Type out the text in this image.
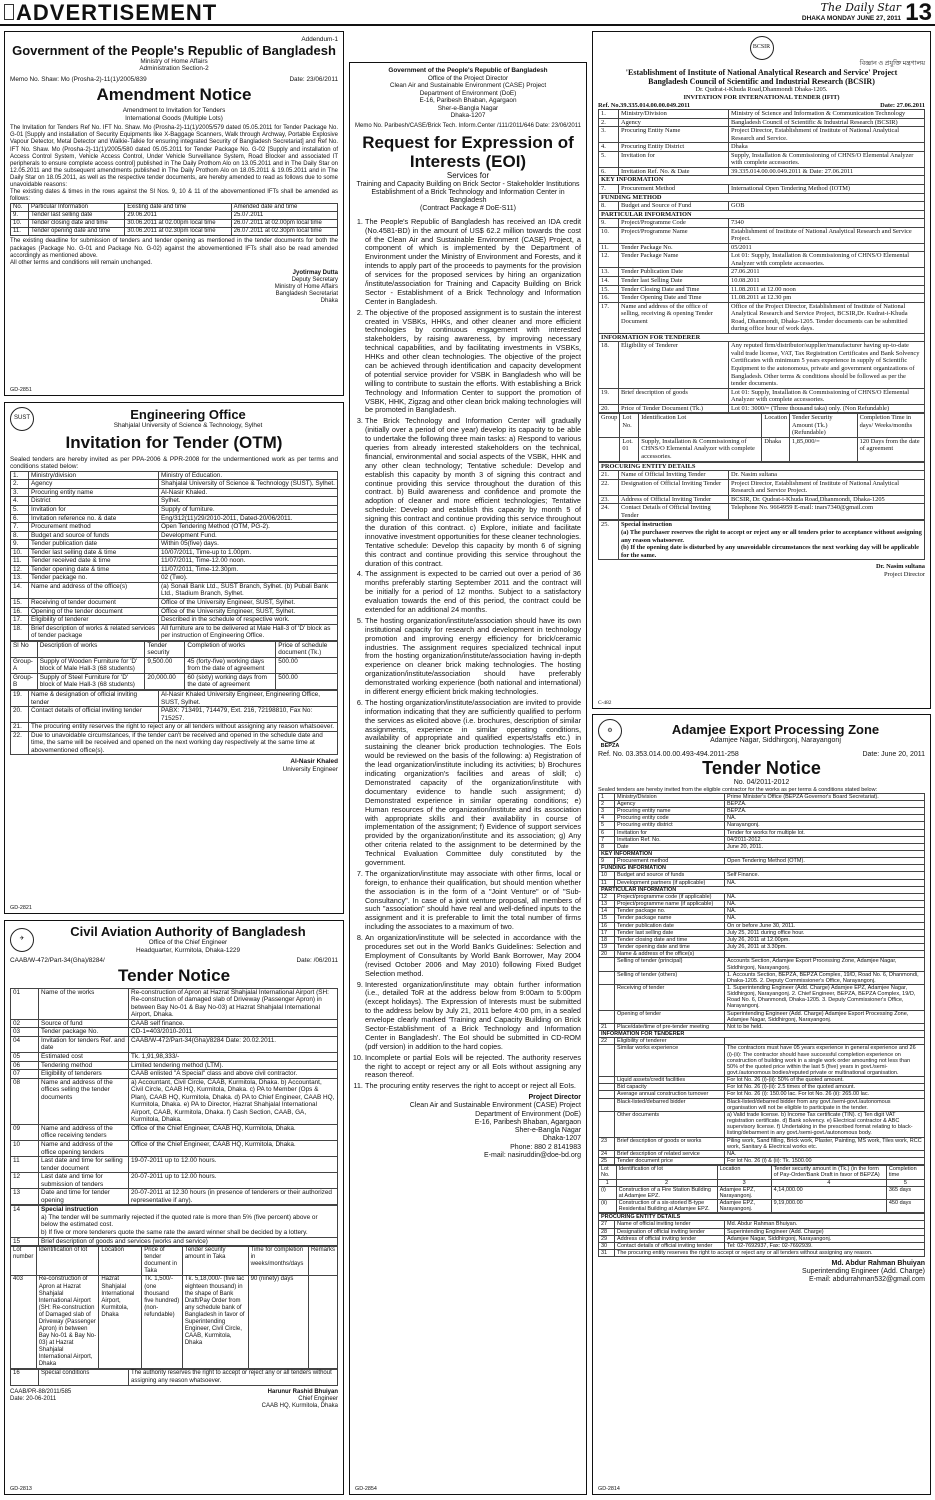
ADVERTISEMENT	The Daily Star
DHAKA MONDAY JUNE 27, 2011 13
Addendum-1
Government of the People's Republic of Bangladesh
Ministry of Home Affairs
Administration Section-2
Memo No. Shaw: Mo (Prosha-2)-11(1)/2005/839	Date: 23/06/2011
Amendment Notice
Amendment to Invitation for Tenders
International Goods (Multiple Lots)

The Invitation for Tenders Ref No. IFT No. Shaw. Mo (Prosha-2)-11(1)/2005/579 dated 05.05.2011 for Tender Package No. G-01 [Supply and installation of Security Equipments like X-Baggage Scanners, Walk through Archway, Portable Explosive Vapour Detector, Metal Detector and Walkie-Talkie for ensuring integrated Security of Bangladesh Secretariat] and Ref No. IFT No. Shaw. Mo (Prosha-2)-11(1)/2005/580 dated 05.05.2011 for Tender Package No. G-02 [Supply and installation of Access Control System, Vehicle Access Control, Under Vehicle Surveillance System, Road Blocker and associated IT peripherals to ensure complete access control] published in The Daily Prothom Alo on 13.05.2011 and in The Daily Star on 12.05.2011 and the subsequent amendments published in The Daily Prothom Alo on 18.05.2011 & 19.05.2011 and in The Daily Star on 18.05.2011, as well as the respective tender documents, are hereby amended to read as follows due to some unavoidable reasons:

The existing dates & times in the rows against the Sl Nos. 9, 10 & 11 of the abovementioned IFTs shall be amended as follows:

No.	Particular Information	Existing date and time	Amended date and time
9.	Tender last selling date	29.06.2011	25.07.2011
10.	Tender closing date and time	30.06.2011 at 02.00pm local time	26.07.2011 at 02.00pm local time
11.	Tender opening date and time	30.06.2011 at 02.30pm local time	26.07.2011 at 02.30pm local time

The existing deadline for submission of tenders and tender opening as mentioned in the tender documents for both the packages (Package No. G-01 and Package No. G-02) against the abovementioned IFTs shall also be read amended accordingly as mentioned above.

All other terms and conditions will remain unchanged.

Jyotirmay Dutta
Deputy Secretary
Ministry of Home Affairs
Bangladesh Secretariat
Dhaka
GD-2851
SUST	Engineering Office
Shahjalal University of Science & Technology, Sylhet
Invitation for Tender (OTM)

Sealed tenders are hereby invited as per PPA-2006 & PPR-2008 for the undermentioned work as per terms and conditions stated below:

1.	Ministry/division	Ministry of Education.
2.	Agency	Shahjalal University of Science & Technology (SUST), Sylhet.
3.	Procuring entity name	Al-Nasir Khaled.
4.	District	Sylhet.
5.	Invitation for	Supply of furniture.
6.	Invitation reference no. & date	Eng/312(11)/29/2010-2011, Dated-20/06/2011.
7.	Procurement method	Open Tendering Method (OTM, PG-2).
8.	Budget and source of funds	Development Fund.
9.	Tender publication date	Within 05(five) days.
10.	Tender last selling date & time	10/07/2011, Time-up to 1.00pm.
11.	Tender received date & time	11/07/2011, Time-12.00 noon.
12.	Tender opening date & time	11/07/2011, Time-12.30pm.
13.	Tender package no.	02 (Two).
14.	Name and address of the office(s)	(a) Sonali Bank Ltd., SUST Branch, Sylhet. (b) Pubali Bank Ltd., Stadium Branch, Sylhet.
15.	Receiving of tender document	Office of the University Engineer, SUST, Sylhet.
16.	Opening of the tender document	Office of the University Engineer, SUST, Sylhet.
17.	Eligibility of tenderer	Described in the schedule of respective work.
18.	Brief description of works & related services of tender package	All furniture are to be delivered at Male Hall-3 of 'D' block as per instruction of Engineering Office.
Sl No	Description of works	Tender security	Completion of works	Price of schedule document (Tk.)
Group-A	Supply of Wooden Furniture for 'D' block of Male Hall-3 (68 students)	9,500.00	45 (forty-five) working days from the date of agreement	500.00
Group-B	Supply of Steel Furniture for 'D' block of Male Hall-3 (68 students)	20,000.00	60 (sixty) working days from the date of agreement	500.00
19.	Name & designation of official inviting tender	Al-Nasir Khaled University Engineer, Engineering Office, SUST, Sylhet.
20.	Contact details of official inviting tender	PABX: 713491, 714479, Ext. 216, 72198810, Fax No: 715257.
21.	The procuring entity reserves the right to reject any or all tenders without assigning any reason whatsoever.	
22.	Due to unavoidable circumstances, if the tender can't be received and opened in the schedule date and time, the same will be received and opened on the next working day respectively at the same time at abovementioned office(s).	
Al-Nasir Khaled
University Engineer
GD-2821
✈
Civil Aviation Authority of Bangladesh
Office of the Chief Engineer
Headquarter, Kurmitola, Dhaka-1229
CAAB/W-472/Part-34(Gha)/8284/	Date: /06/2011
Tender Notice
01	Name of the works	Re-construction of Apron at Hazrat Shahjalal International Airport (SH: Re-construction of damaged slab of Driveway (Passenger Apron) in between Bay No-01 & Bay No-03) at Hazrat Shahjalal International Airport, Dhaka.
02	Source of fund	CAAB self finance.
03	Tender package No.	CD-1=403/2010-2011
04	Invitation for tenders Ref. and date	CAAB/W-472/Part-34(Gha)/8284 Date: 20.02.2011.
05	Estimated cost	Tk. 1,91,98,333/-
06	Tendering method	Limited tendering method (LTM).
07	Eligibility of tenderers	CAAB enlisted "A Special" class and above civil contractor.
08	Name and address of the offices selling the tender documents	a) Accountant, Civil Circle, CAAB, Kurmitola, Dhaka. b) Accountant, Civil Circle, CAAB HQ, Kurmitola, Dhaka. c) PA to Member (Ops & Plan), CAAB HQ, Kurmitola, Dhaka. d) PA to Chief Engineer, CAAB HQ, Kurmitola, Dhaka. e) PA to Director, Hazrat Shahjalal International Airport, CAAB, Kurmitola, Dhaka. f) Cash Section, CAAB, GA, Kurmitola, Dhaka.
09	Name and address of the office receiving tenders	Office of the Chief Engineer, CAAB HQ, Kurmitola, Dhaka.
10	Name and address of the office opening tenders	Office of the Chief Engineer, CAAB HQ, Kurmitola, Dhaka.
11	Last date and time for selling tender document	19-07-2011 up to 12.00 hours.
12	Last date and time for submission of tenders	20-07-2011 up to 12.00 hours.
13	Date and time for tender opening	20-07-2011 at 12.30 hours (in presence of tenderers or their authorized representative if any).
14	Special instruction
a) The tender will be summarily rejected if the quoted rate is more than 5% (five percent) above or below the estimated cost.
b) If five or more tenderers quote the same rate the award winner shall be decided by a lottery.

15	Brief description of goods and services (works and service)
Lot number	Identification of lot	Location	Price of tender document in Taka	Tender security amount in Taka	Time for completion in weeks/months/days	Remarks
403	Re-construction of Apron at Hazrat Shahjalal International Airport (SH: Re-construction of Damaged slab of Driveway (Passenger Apron) in between Bay No-01 & Bay No-03) at Hazrat Shahjalal International Airport, Dhaka	Hazrat Shahjalal International Airport, Kurmitola, Dhaka	Tk. 1,500/- (one thousand five hundred) (non-refundable)	Tk. 5,18,000/- (five lac eighteen thousand) in the shape of Bank Draft/Pay Order from any schedule bank of Bangladesh in favor of Superintending Engineer, Civil Circle, CAAB, Kurmitola, Dhaka	90 (ninety) days	
16	Special conditions	The authority reserves the right to accept or reject any or all tenders without assigning any reason whatsoever.
CAAB/PR-88/2011/585
Date: 20-06-2011
Harunur Rashid Bhuiyan
Chief Engineer
CAAB HQ, Kurmitola, Dhaka
GD-2813
Government of the People's Republic of Bangladesh
Office of the Project Director
Clean Air and Sustainable Environment (CASE) Project
Department of Environment (DoE)
E-16, Paribesh Bhaban, Agargaon
Sher-e-Bangla Nagar
Dhaka-1207
Memo No. Paribesh/CASE/Brick Tech. Inform.Center /111/2011/646 Date: 23/06/2011
Request for Expression of
Interests (EOI)
Services for
Training and Capacity Building on Brick Sector - Stakeholder Institutions Establishment of a Brick Technology and Information Center in Bangladesh
(Contract Package # DoE-S11)
1. The People's Republic of Bangladesh has received an IDA credit (No.4581-BD) in the amount of US$ 62.2 million towards the cost of the Clean Air and Sustainable Environment (CASE) Project, a component of which is implemented by the Department of Environment under the Ministry of Environment and Forests, and it intends to apply part of the proceeds to payments for the provision of services for the proposed services by hiring an organization /institute/association for Training and Capacity Building on Brick Sector - Establishment of a Brick Technology and Information Center in Bangladesh.
2. The objective of the proposed assignment is to sustain the interest created in VSBKs, HHKs, and other cleaner and more efficient technologies by continuous engagement with interested stakeholders, by raising awareness, by improving necessary technical capabilities, and by facilitating investments in VSBKs, HHKs and other clean technologies. The objective of the project can be achieved through identification and capacity development of potential service provider for VSBK in Bangladesh who will be willing to contribute to sustain the efforts. With establishing a Brick Technology and Information Center to support the promotion of VSBK, HHK, Zigzag and other clean brick making technologies will be promoted in Bangladesh.
3. The Brick Technology and Information Center will gradually (initially over a period of one year) develop its capacity to be able to undertake the following three main tasks: a) Respond to various queries from already interested stakeholders on the technical, financial, environmental and social aspects of the VSBK, HHK and any other clean technology; Tentative schedule: Develop and establish this capacity by month 3 of signing this contract and continue providing this service throughout the duration of this contract. b) Build awareness and confidence and promote the adoption of cleaner and more efficient technologies; Tentative schedule: Develop and establish this capacity by month 5 of signing this contract and continue providing this service throughout the duration of this contract. c) Explore, initiate and facilitate innovative investment opportunities for these cleaner technologies. Tentative schedule: Develop this capacity by month 6 of signing this contract and continue providing this service throughout the duration of this contract.
4. The assignment is expected to be carried out over a period of 36 months preferably starting September 2011 and the contract will be initially for a period of 12 months. Subject to a satisfactory evaluation towards the end of this period, the contract could be extended for an additional 24 months.
5. The hosting organization/institute/association should have its own institutional capacity for research and development in technology promotion and improving energy efficiency for brick/ceramic industries. The assignment requires specialized technical input from the hosting organization/institute/association having in-depth experience on cleaner brick making technologies. The hosting organization/institute/association should have preferably demonstrated working experience (both national and international) in different energy efficient brick making technologies.
6. The hosting organization/institute/association are invited to provide information indicating that they are sufficiently qualified to perform the services as elicited above (i.e. brochures, description of similar assignments, experience in similar operating conditions, availability of appropriate and qualified experts/staffs etc.) in sustaining the cleaner brick production technologies. The EoIs would be reviewed on the basis of the following: a) Registration of the lead organization/institute including its activities; b) Brochures indicating organization's facilities and areas of skill; c) Demonstrated capacity of the organization/institute with documentary evidence to handle such assignment; d) Demonstrated experience in similar operating conditions; e) Human resources of the organization/institute and its association with appropriate skills and their availability in course of implementation of the assignment; f) Evidence of support services provided by the organization/institute and its association; g) Any other criteria related to the assignment to be determined by the Technical Evaluation Committee duly constituted by the government.
7. The organization/institute may associate with other firms, local or foreign, to enhance their qualification, but should mention whether the association is in the form of a "Joint Venture" or of "Sub-Consultancy". In case of a joint venture proposal, all members of such "association" should have real and well-defined inputs to the assignment and it is preferable to limit the total number of firms including the associates to a maximum of two.
8. An organization/institute will be selected in accordance with the procedures set out in the World Bank's Guidelines: Selection and Employment of Consultants by World Bank Borrower, May 2004 (revised October 2006 and May 2010) following Fixed Budget Selection method.
9. Interested organization/institute may obtain further information (i.e., detailed ToR at the address below from 9:00am to 5:00pm (except holidays). The Expression of Interests must be submitted to the address below by July 21, 2011 before 4:00 pm, in a sealed envelope clearly marked 'Training and Capacity Building on Brick Sector-Establishment of a Brick Technology and Information Center in Bangladesh'. The EoI should be submitted in CD-ROM (pdf version) in addition to the hard copies.
10. Incomplete or partial EoIs will be rejected. The authority reserves the right to accept or reject any or all EoIs without assigning any reason thereof.
11. The procuring entity reserves the right to accept or reject all EoIs.
Project Director
Clean Air and Sustainable Environment (CASE) Project
Department of Environment (DoE)
E-16, Paribesh Bhaban, Agargaon
Sher-e-Bangla Nagar
Dhaka-1207
Phone: 880 2 8141983
E-mail: nasiruddin@doe-bd.org
GD-2854
BCSIR
বিজ্ঞান ও প্রযুক্তি মন্ত্রণালয়
'Establishment of Institute of National Analytical Research and Service' Project
Bangladesh Council of Scientific and Industrial Research (BCSIR)
Dr. Qudrat-i-Khuda Road,Dhanmondi Dhaka-1205.
INVITATION FOR INTERNATIONAL TENDER (IFIT)
Ref. No.39.335.014.00.00.049.2011	Date: 27.06.2011
1.	Ministry/Division	Ministry of Science and Information & Communication Technology
2.	Agency	Bangladesh Council of Scientific & Industrial Research (BCSIR)
3.	Procuring Entity Name	Project Director, Establishment of Institute of National Analytical Research and Service.
4.	Procuring Entity District	Dhaka
5.	Invitation for	Supply, Installation & Commissioning of CHNS/O Elemental Analyzer with complete accessories.
6.	Invitation Ref. No. & Date	39.335.014.00.00.049.2011 & Date: 27.06.2011
KEY INFORMATION		
7.	Procurement Method	International Open Tendering Method (IOTM)
FUNDING METHOD		
8.	Budget and Source of Fund	GOB
PARTICULAR INFORMATION		
9.	Project/Programme Code	7340
10.	Project/Programme Name	Establishment of Institute of National Analytical Research and Service Project.
11.	Tender Package No.	05/2011
12.	Tender Package Name	Lot 01: Supply, Installation & Commissioning of CHNS/O Elemental Analyzer with complete accessories.
13.	Tender Publication Date	27.06.2011
14.	Tender last Selling Date	10.08.2011
15.	Tender Closing Date and Time	11.08.2011 at 12.00 noon
16.	Tender Opening Date and Time	11.08.2011 at 12.30 pm
17.	Name and address of the office of selling, receiving & opening Tender Document	Office of the Project Director, Establishment of Institute of National Analytical Research and Service Project, BCSIR,Dr. Kudrat-i-Khuda Road, Dhanmondi, Dhaka-1205. Tender documents can be submitted during office hour of work days.
INFORMATION FOR TENDERER		
18.	Eligibility of Tenderer	Any reputed firm/distributor/supplier/manufacturer having up-to-date valid trade license, VAT, Tax Registration Certificates and Bank Solvency Certificates with minimum 5 years experience in supply of Scientific Equipment to the autonomous, private and government organizations of Bangladesh. Other terms & conditions should be followed as per the tender documents.
19.	Brief description of goods	Lot 01: Supply, Installation & Commissioning of CHNS/O Elemental Analyzer with complete accessories.
20.	Price of Tender Document (Tk.)	Lot 01: 3000/= (Three thousand taka) only. (Non Refundable)
Group	Lot No.	Identification Lot	Location	Tender Security Amount (Tk.) (Refundable)	Completion Time in days/ Weeks/months
	Lot. 01	Supply, Installation & Commissioning of CHNS/O Elemental Analyzer with complete accessories.	Dhaka	1,85,000/=	120 Days from the date of agreement
PROCURING ENTITY DETAILS		
21.	Name of Official Inviting Tender	Dr. Nasim sultana
22.	Designation of Official Inviting Tender	Project Director, Establishment of Institute of National Analytical Research and Service Project.
23.	Address of Official Inviting Tender	BCSIR, Dr. Qudrat-i-Khuda Road,Dhanmondi, Dhaka-1205
24.	Contact Details of Official Inviting Tender	Telephone No. 9664959 E-mail: inars7340@gmail.com
25.	Special instruction
(a) The purchaser reserves the right to accept or reject any or all tenders prior to acceptance without assigning any reason whatsoever.
(b) If the opening date is disturbed by any unavoidable circumstances the next working day will be applicable for the same.
Dr. Nasim sultana
Project Director
C-482
⚙
BEPZA
Adamjee Export Processing Zone
Adamjee Nagar, Siddhirgonj, Narayangonj
Ref. No. 03.353.014.00.00.493-494.2011-258	Date: June 20, 2011
Tender Notice
No. 04/2011-2012

Sealed tenders are hereby invited from the eligible contractor for the works as per terms & conditions stated below:

1	Ministry/Division	Prime Minister's Office (BEPZA Governor's Board Secretariat).
2	Agency	BEPZA.
3	Procuring entity name	BEPZA.
4	Procuring entity code	NA.
5	Procuring entity district	Narayangonj.
6	Invitation for	Tender for works for multiple lot.
7	Invitation Ref. No.	04/2011-2012.
8	Date	June 20, 2011.
KEY INFORMATION		
9	Procurement method	Open Tendering Method (OTM).
FUNDING INFORMATION		
10	Budget and source of funds	Self Finance.
11	Development partners (if applicable)	NA.
PARTICULAR INFORMATION		
12	Project/programme code (if applicable)	NA.
13	Project/programme name (if applicable)	NA.
14	Tender package no.	NA.
15	Tender package name	NA.
16	Tender publication date	On or before June 30, 2011.
17	Tender last selling date	July 25, 2011 during office hour.
18	Tender closing date and time	July 26, 2011 at 12.00pm.
19	Tender opening date and time	July 26, 2011 at 3.30pm.
20	Name & address of the office(s)	
	Selling of tender (principal)	Accounts Section, Adamjee Export Processing Zone, Adamjee Nagar, Siddhirgonj, Narayangonj.
	Selling of tender (others)	1. Accounts Section, BEPZA, BEPZA Complex, 19/D, Road No. 6, Dhanmondi, Dhaka-1205. 2. Deputy Commissioner's Office, Narayangonj.
	Receiving of tender	1. Superintending Engineer (Add. Charge) Adamjee EPZ, Adamjee Nagar, Siddhirgonj, Narayangonj. 2. Chief Engineer, BEPZA, BEPZA Complex, 19/D, Road No. 6, Dhanmondi, Dhaka-1205. 3. Deputy Commissioner's Office, Narayangonj.
	Opening of tender	Superintending Engineer (Add. Charge) Adamjee Export Processing Zone, Adamjee Nagar, Siddhirgonj, Narayangonj.
21	Place/date/time of pre-tender meeting	Not to be held.
INFORMATION FOR TENDERER		
22	Eligibility of tenderer	
	Similar works experience	The contractors must have 05 years experience in general experience and 26 (i)-(ii): The contractor should have successful completion experience on construction of building work in a single work order amounting not less than 50% of the quoted price within the last 5 (five) years in govt./semi-govt./autonomous bodies/reputed private or multinational organisation.
	Liquid assets/credit facilities	For lot No. 26 (i)-(ii): 50% of the quoted amount.
	Bid capacity	For lot No. 26 (i)-(ii): 2.5 times of the quoted amount.
	Average annual construction turnover	For lot No. 26 (i): 150.00 lac. For lot No. 26 (ii): 265.00 lac.
	Black-listed/debarred bidder	Black-listed/debarred bidder from any govt./semi-govt./autonomous organisation will not be eligible to participate in the tender.
	Other documents	a) Valid trade license. b) Income Tax certificate (TIN). c) Ten digit VAT registration certificate. d) Bank solvency. e) Electrical contractor & ABC supervisory license. f) Undertaking in the prescribed format relating to black-listing/debarment in any govt./semi-govt./autonomous body.
23	Brief description of goods or works	Piling work, Sand filling, Brick work, Plaster, Painting, MS work, Tiles work, RCC work, Sanitary & Electrical works etc.
24	Brief description of related service	NA.
25	Tender document price	For lot No. 26 (i) & (ii): Tk. 1500.00
Lot No.	Identification of lot	Location	Tender security amount in (Tk.) (in the form of Pay-Order/Bank Draft in favor of BEPZA)	Completion time
1	2	3	4	5
(i)	Construction of a Fire Station Building at Adamjee EPZ.	Adamjee EPZ, Narayangonj.	4,14,000.00	365 days
(ii)	Construction of a six-storied B-type Residential Building at Adamjee EPZ.	Adamjee EPZ, Narayangonj.	9,19,000.00	450 days
PROCURING ENTITY DETAILS		
27	Name of official inviting tender	Md. Abdur Rahman Bhuiyan.
28	Designation of official inviting tender	Superintending Engineer (Add. Charge)
29	Address of official inviting tender	Adamjee Nagar, Siddhirgonj, Narayangonj.
30	Contact details of official inviting tender	Tel: 02-7692937, Fax: 02-7692939.
31	The procuring entity reserves the right to accept or reject any or all tenders without assigning any reason.	
Md. Abdur Rahman Bhuiyan
Superintending Engineer (Add. Charge)
E-mail: abdurrahman532@gmail.com
GD-2814
